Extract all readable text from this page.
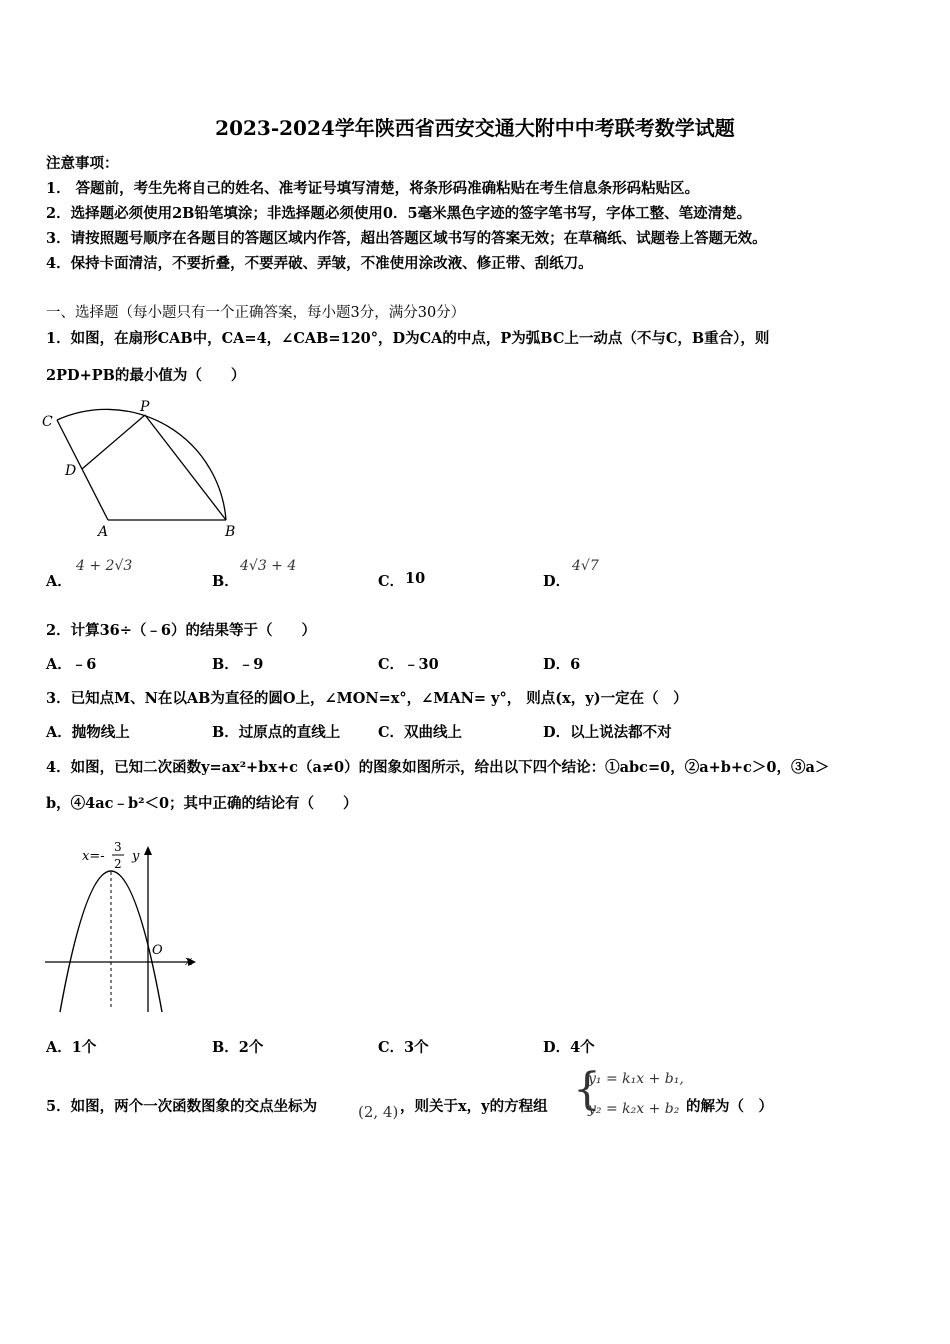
2023-2024学年陕西省西安交通大附中中考联考数学试题
注意事项：
1． 答题前，考生先将自己的姓名、准考证号填写清楚，将条形码准确粘贴在考生信息条形码粘贴区。
2．选择题必须使用2B铅笔填涂；非选择题必须使用0．5毫米黑色字迹的签字笔书写，字体工整、笔迹清楚。
3．请按照题号顺序在各题目的答题区域内作答，超出答题区域书写的答案无效；在草稿纸、试题卷上答题无效。
4．保持卡面清洁，不要折叠，不要弄破、弄皱，不准使用涂改液、修正带、刮纸刀。
一、选择题（每小题只有一个正确答案，每小题3分，满分30分）
1．如图，在扇形CAB中，CA=4，∠CAB=120°，D为CA的中点，P为弧BC上一动点（不与C，B重合），则
2PD+PB的最小值为（　　）
C
P
D
A	B
A．
4 + 2√3
B．
4√3 + 4
C． 10	D．
4√7
2．计算36÷（﹣6）的结果等于（　　）
A．﹣6	B．﹣9	C．﹣30	D．6
3．已知点M、N在以AB为直径的圆O上，∠MON=x°，∠MAN= y°， 则点(x，y)一定在（　）
A．抛物线上	B．过原点的直线上	C．双曲线上	D．以上说法都不对
4．如图，已知二次函数y=ax²+bx+c（a≠0）的图象如图所示，给出以下四个结论：①abc=0，②a+b+c＞0，③a＞
b，④4ac﹣b²＜0；其中正确的结论有（　　）
x=-
3
2 y
x
O
A．1个	B．2个	C．3个	D．4个
5．如图，两个一次函数图象的交点坐标为	(2, 4) ，则关于x，y的方程组 {
y₁ = k₁x + b₁,
y₂ = k₂x + b₂ 的解为（　）
